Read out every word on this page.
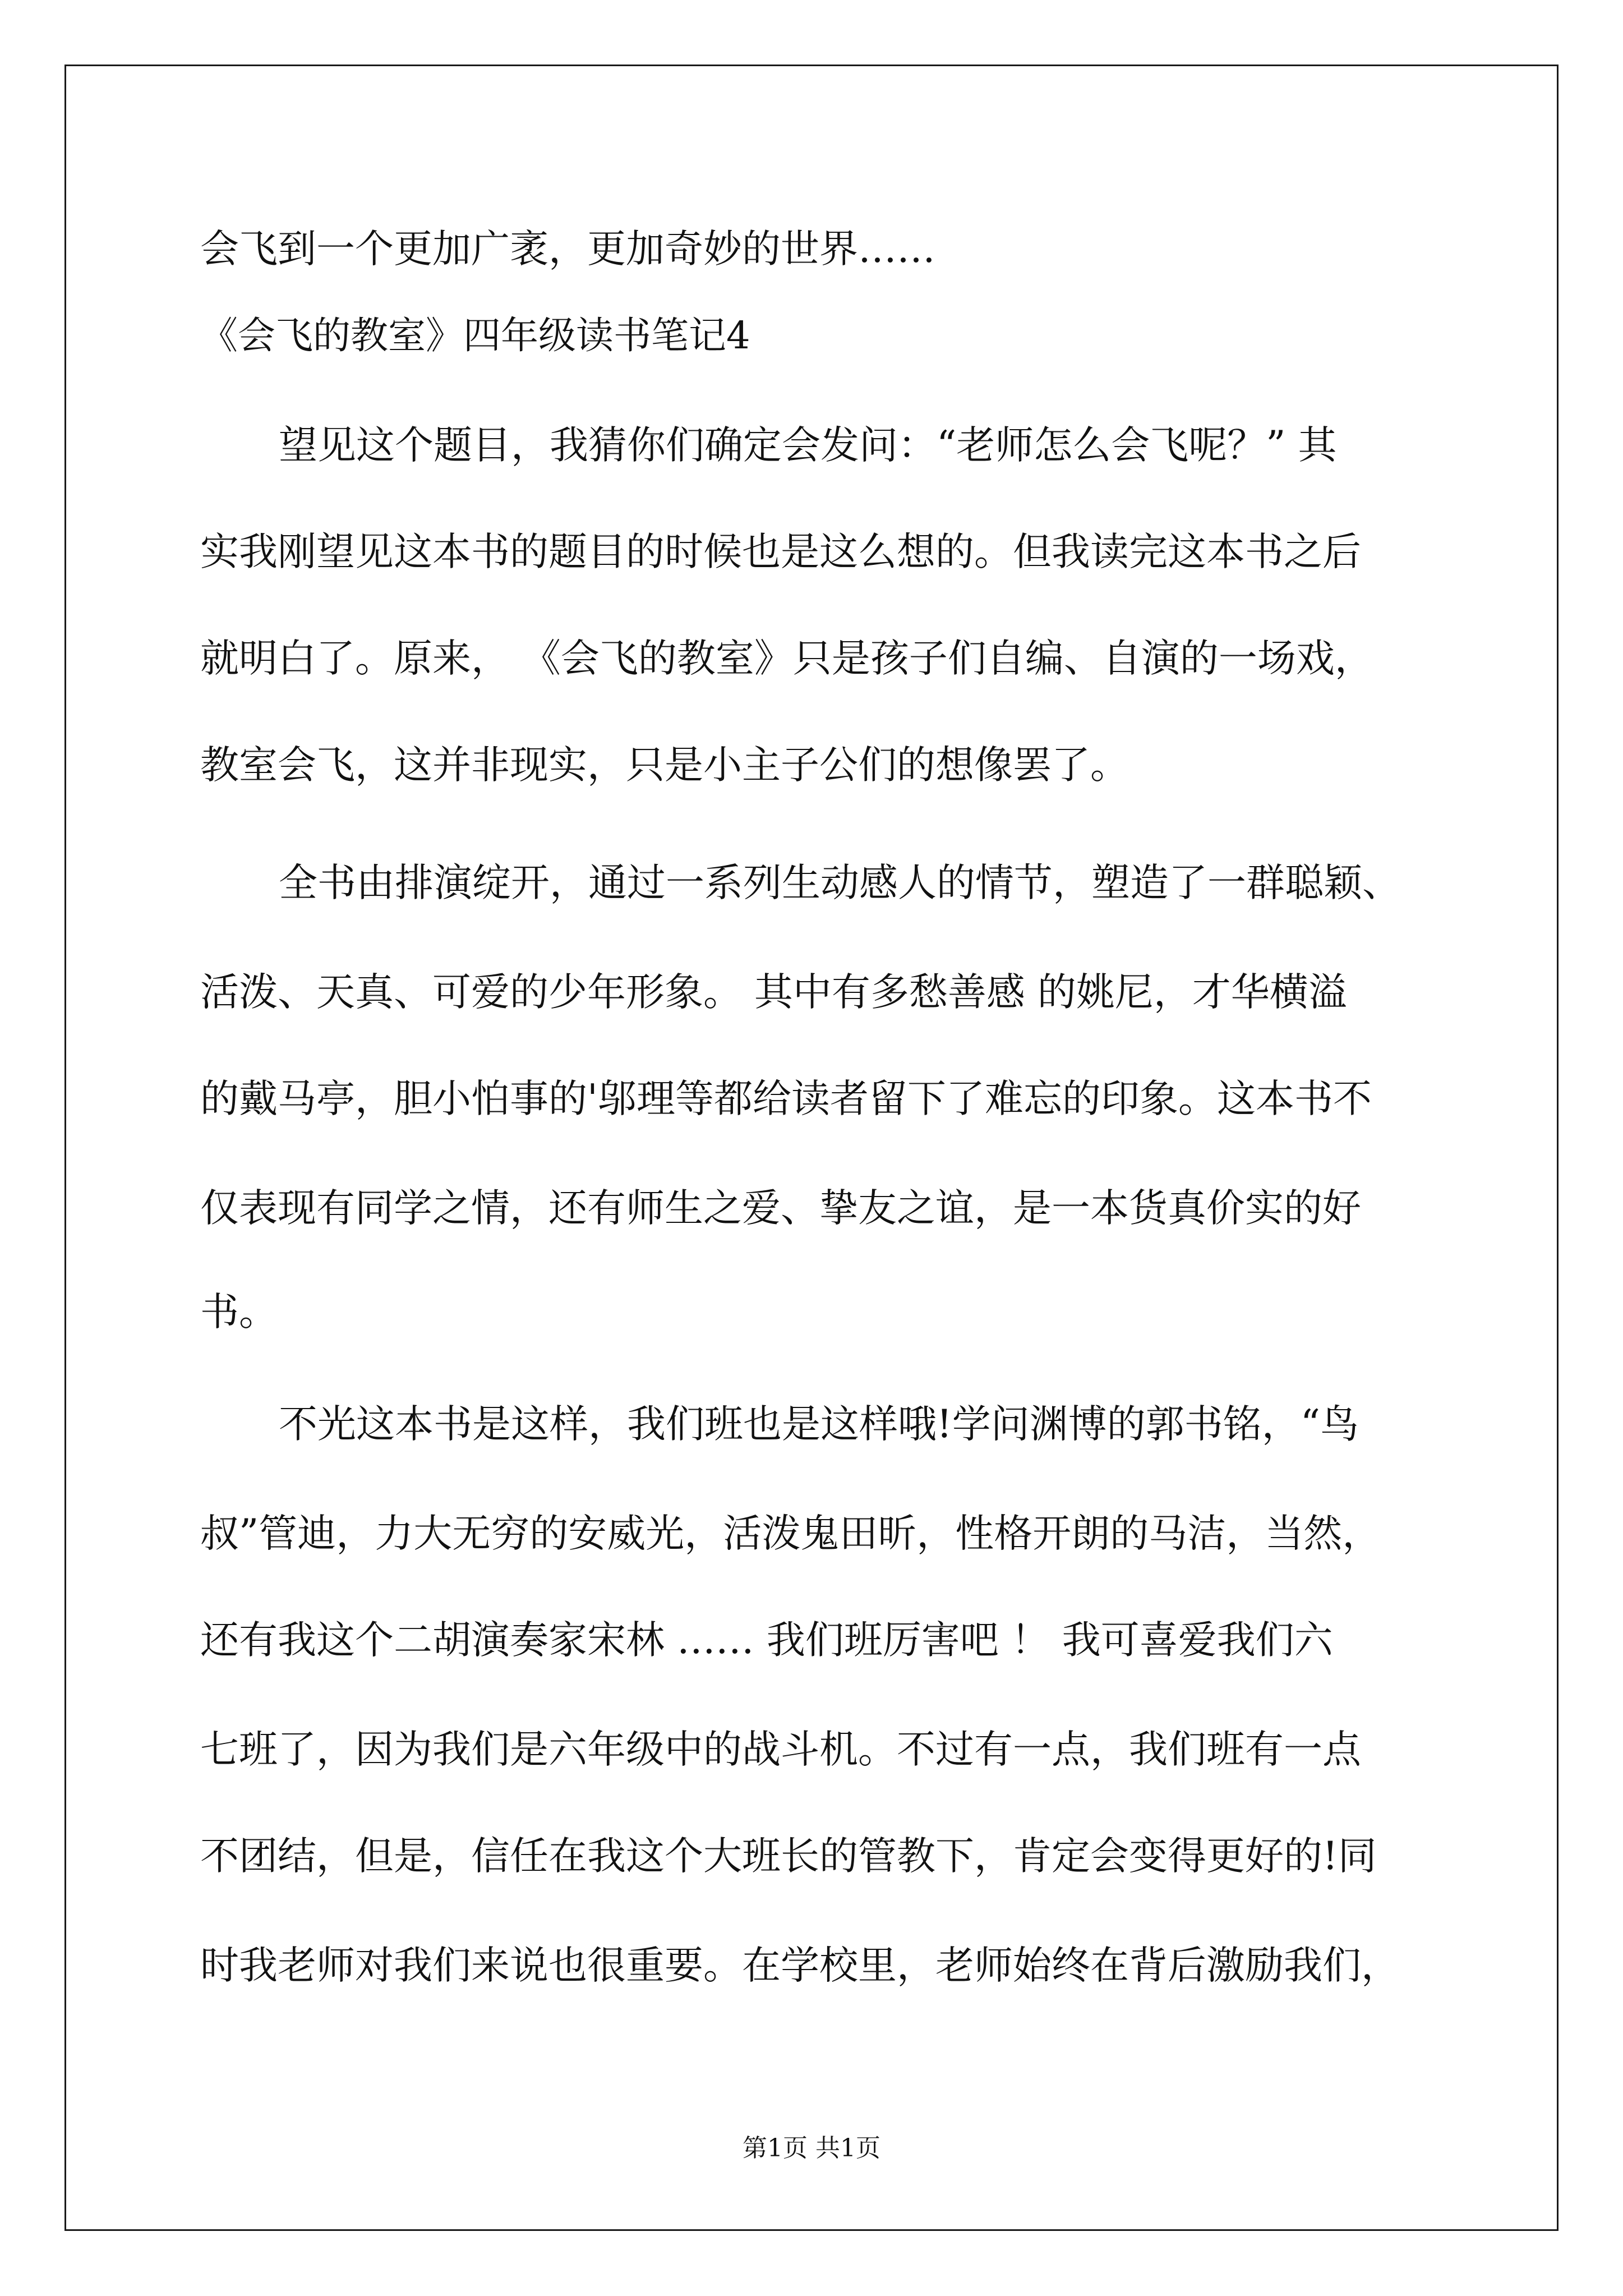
会飞到一个更加广袤，更加奇妙的世界……
《会飞的教室》四年级读书笔记4
望见这个题目，我猜你们确定会发问：“老师怎么会飞呢？” 其
实我刚望见这本书的题目的时候也是这么想的。但我读完这本书之后
就明白了。原来， 《会飞的教室》只是孩子们自编、自演的一场戏，
教室会飞，这并非现实，只是小主子公们的想像罢了。
全书由排演绽开，通过一系列生动感人的情节，塑造了一群聪颖、
活泼、天真、可爱的少年形象。 其中有多愁善感 的姚尼，才华横溢
的戴马亭，胆小怕事的'邬理等都给读者留下了难忘的印象。这本书不
仅表现有同学之情，还有师生之爱、挚友之谊，是一本货真价实的好
书。
不光这本书是这样，我们班也是这样哦!学问渊博的郭书铭，“鸟
叔”管迪，力大无穷的安威光，活泼鬼田昕，性格开朗的马洁，当然，
还有我这个二胡演奏家宋林 …… 我们班厉害吧 ！ 我可喜爱我们六
七班了，因为我们是六年级中的战斗机。不过有一点，我们班有一点
不团结，但是，信任在我这个大班长的管教下，肯定会变得更好的!同
时我老师对我们来说也很重要。在学校里，老师始终在背后激励我们，
第1页 共1页
